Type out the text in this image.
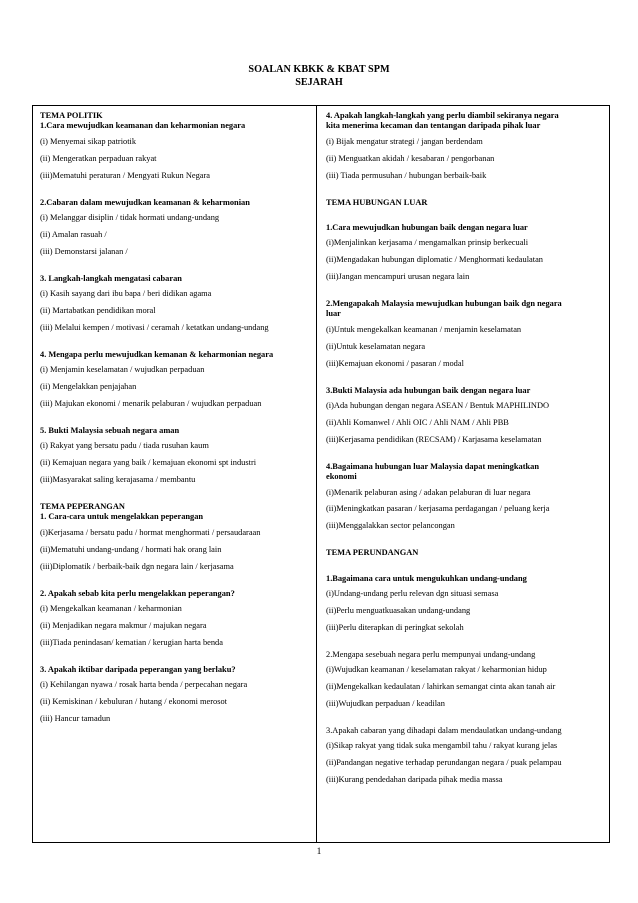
SOALAN KBKK & KBAT SPM
SEJARAH
TEMA POLITIK
1.Cara mewujudkan keamanan dan keharmonian negara
(i) Menyemai sikap patriotik
(ii) Mengeratkan perpaduan rakyat
(iii)Mematuhi peraturan / Mengyati Rukun Negara
2.Cabaran dalam mewujudkan keamanan & keharmonian
(i) Melanggar disiplin / tidak hormati undang-undang
(ii) Amalan rasuah /
(iii) Demonstarsi jalanan /
3. Langkah-langkah mengatasi cabaran
(i) Kasih sayang dari ibu bapa / beri didikan agama
(ii) Martabatkan pendidikan moral
(iii) Melalui kempen / motivasi / ceramah / ketatkan undang-undang
4. Mengapa perlu mewujudkan kemanan & keharmonian negara
(i) Menjamin keselamatan / wujudkan perpaduan
(ii) Mengelakkan penjajahan
(iii) Majukan ekonomi / menarik pelaburan / wujudkan perpaduan
5. Bukti Malaysia sebuah negara aman
(i) Rakyat yang bersatu padu / tiada rusuhan kaum
(ii) Kemajuan negara yang baik / kemajuan ekonomi spt industri
(iii)Masyarakat saling kerajasama / membantu
TEMA PEPERANGAN
1. Cara-cara untuk mengelakkan peperangan
(i)Kerjasama / bersatu padu / hormat menghormati / persaudaraan
(ii)Mematuhi undang-undang / hormati hak orang lain
(iii)Diplomatik / berbaik-baik dgn negara lain / kerjasama
2. Apakah sebab kita perlu mengelakkan peperangan?
(i) Mengekalkan keamanan / keharmonian
(ii) Menjadikan negara makmur / majukan negara
(iii)Tiada penindasan/ kematian / kerugian harta benda
3. Apakah iktibar daripada peperangan yang berlaku?
(i) Kehilangan nyawa / rosak harta benda / perpecahan negara
(ii) Kemiskinan / kebuluran / hutang / ekonomi merosot
(iii) Hancur tamadun
4. Apakah langkah-langkah yang perlu diambil sekiranya negara
kita menerima kecaman dan tentangan daripada pihak luar
(i) Bijak mengatur strategi / jangan berdendam
(ii) Menguatkan akidah / kesabaran / pengorbanan
(iii) Tiada permusuhan / hubungan berbaik-baik
TEMA HUBUNGAN LUAR
1.Cara mewujudkan hubungan baik dengan negara luar
(i)Menjalinkan kerjasama / mengamalkan prinsip berkecuali
(ii)Mengadakan hubungan diplomatic / Menghormati kedaulatan
(iii)Jangan mencampuri urusan negara lain
2.Mengapakah Malaysia mewujudkan hubungan baik dgn negara
luar
(i)Untuk mengekalkan keamanan / menjamin keselamatan
(ii)Untuk keselamatan negara
(iii)Kemajuan ekonomi / pasaran / modal
3.Bukti Malaysia ada hubungan baik dengan negara luar
(i)Ada hubungan dengan negara ASEAN / Bentuk MAPHILINDO
(ii)Ahli Komanwel / Ahli OIC / Ahli NAM / Ahli PBB
(iii)Kerjasama pendidikan (RECSAM) / Karjasama keselamatan
4.Bagaimana hubungan luar Malaysia dapat meningkatkan
ekonomi
(i)Menarik pelaburan asing / adakan pelaburan di luar negara
(ii)Meningkatkan pasaran / kerjasama perdagangan / peluang kerja
(iii)Menggalakkan sector pelancongan
TEMA PERUNDANGAN
1.Bagaimana cara untuk mengukuhkan undang-undang
(i)Undang-undang perlu relevan dgn situasi semasa
(ii)Perlu menguatkuasakan undang-undang
(iii)Perlu diterapkan di peringkat sekolah
2.Mengapa sesebuah negara perlu mempunyai undang-undang
(i)Wujudkan keamanan / keselamatan rakyat / keharmonian hidup
(ii)Mengekalkan kedaulatan / lahirkan semangat cinta akan tanah air
(iii)Wujudkan perpaduan / keadilan
3.Apakah cabaran yang dihadapi dalam mendaulatkan undang-undang
(i)Sikap rakyat yang tidak suka mengambil tahu / rakyat kurang jelas
(ii)Pandangan negative terhadap perundangan negara / puak pelampau
(iii)Kurang pendedahan daripada pihak media massa
1
